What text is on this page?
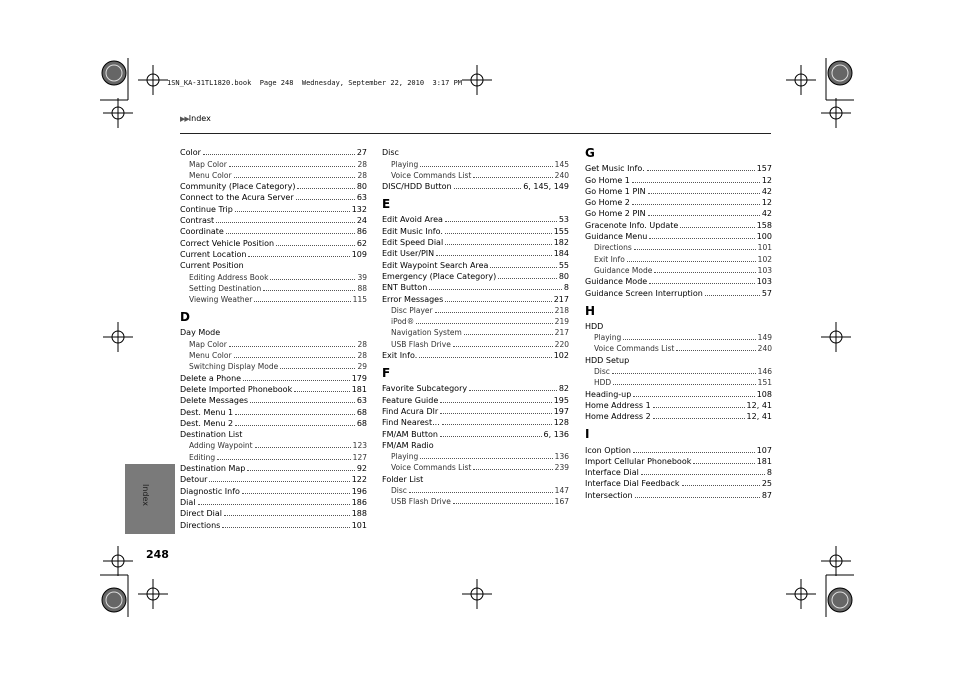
1SN_KA-31TL1820.book  Page 248  Wednesday, September 22, 2010  3:17 PM
▶▶Index
Index
248
Color	27
Map Color	28
Menu Color	28
Community (Place Category)	80
Connect to the Acura Server	63
Continue Trip	132
Contrast	24
Coordinate	86
Correct Vehicle Position	62
Current Location	109
Current Position
Editing Address Book	39
Setting Destination	88
Viewing Weather	115
D
Day Mode
Map Color	28
Menu Color	28
Switching Display Mode	29
Delete a Phone	179
Delete Imported Phonebook	181
Delete Messages	63
Dest. Menu 1	68
Dest. Menu 2	68
Destination List
Adding Waypoint	123
Editing	127
Destination Map	92
Detour	122
Diagnostic Info	196
Dial	186
Direct Dial	188
Directions	101
Disc
Playing	145
Voice Commands List	240
DISC/HDD Button	6, 145, 149
E
Edit Avoid Area	53
Edit Music Info.	155
Edit Speed Dial	182
Edit User/PIN	184
Edit Waypoint Search Area	55
Emergency (Place Category)	80
ENT Button	8
Error Messages	217
Disc Player	218
iPod®	219
Navigation System	217
USB Flash Drive	220
Exit Info.	102
F
Favorite Subcategory	82
Feature Guide	195
Find Acura Dlr	197
Find Nearest...	128
FM/AM Button	6, 136
FM/AM Radio
Playing	136
Voice Commands List	239
Folder List
Disc	147
USB Flash Drive	167
G
Get Music Info.	157
Go Home 1	12
Go Home 1 PIN	42
Go Home 2	12
Go Home 2 PIN	42
Gracenote Info. Update	158
Guidance Menu	100
Directions	101
Exit Info	102
Guidance Mode	103
Guidance Mode	103
Guidance Screen Interruption	57
H
HDD
Playing	149
Voice Commands List	240
HDD Setup
Disc	146
HDD	151
Heading-up	108
Home Address 1	12, 41
Home Address 2	12, 41
I
Icon Option	107
Import Cellular Phonebook	181
Interface Dial	8
Interface Dial Feedback	25
Intersection	87
